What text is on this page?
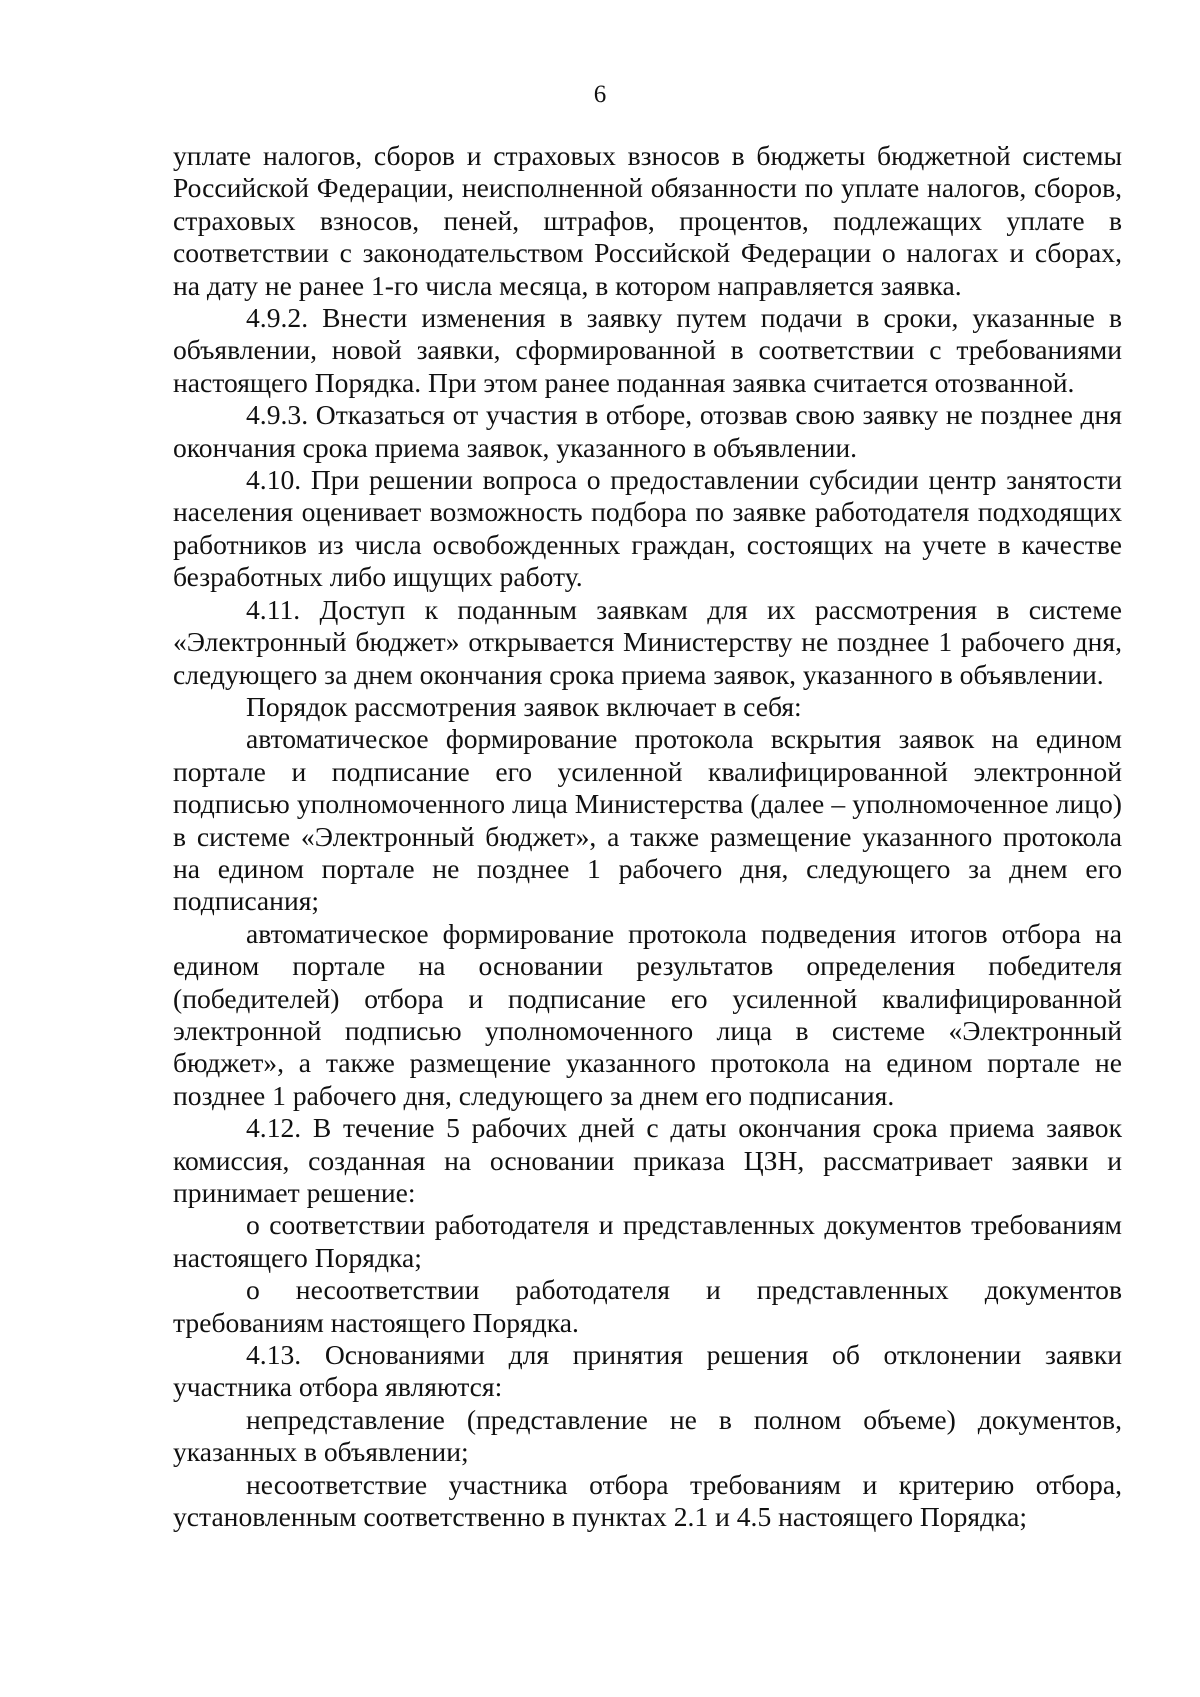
6

уплате налогов, сборов и страховых взносов в бюджеты бюджетной системы Российской Федерации, неисполненной обязанности по уплате налогов, сборов, страховых взносов, пеней, штрафов, процентов, подлежащих уплате в соответствии с законодательством Российской Федерации о налогах и сборах, на дату не ранее 1-го числа месяца, в котором направляется заявка.

4.9.2. Внести изменения в заявку путем подачи в сроки, указанные в объявлении, новой заявки, сформированной в соответствии с требованиями настоящего Порядка. При этом ранее поданная заявка считается отозванной.

4.9.3. Отказаться от участия в отборе, отозвав свою заявку не позднее дня окончания срока приема заявок, указанного в объявлении.

4.10. При решении вопроса о предоставлении субсидии центр занятости населения оценивает возможность подбора по заявке работодателя подходящих работников из числа освобожденных граждан, состоящих на учете в качестве безработных либо ищущих работу.

4.11. Доступ к поданным заявкам для их рассмотрения в системе «Электронный бюджет» открывается Министерству не позднее 1 рабочего дня, следующего за днем окончания срока приема заявок, указанного в объявлении.

Порядок рассмотрения заявок включает в себя:

автоматическое формирование протокола вскрытия заявок на едином портале и подписание его усиленной квалифицированной электронной подписью уполномоченного лица Министерства (далее – уполномоченное лицо) в системе «Электронный бюджет», а также размещение указанного протокола на едином портале не позднее 1 рабочего дня, следующего за днем его подписания;

автоматическое формирование протокола подведения итогов отбора на едином портале на основании результатов определения победителя (победителей) отбора и подписание его усиленной квалифицированной электронной подписью уполномоченного лица в системе «Электронный бюджет», а также размещение указанного протокола на едином портале не позднее 1 рабочего дня, следующего за днем его подписания.

4.12. В течение 5 рабочих дней с даты окончания срока приема заявок комиссия, созданная на основании приказа ЦЗН, рассматривает заявки и принимает решение:

о соответствии работодателя и представленных документов требованиям настоящего Порядка;

о несоответствии работодателя и представленных документов требованиям настоящего Порядка.

4.13. Основаниями для принятия решения об отклонении заявки участника отбора являются:

непредставление (представление не в полном объеме) документов, указанных в объявлении;

несоответствие участника отбора требованиям и критерию отбора, установленным соответственно в пунктах 2.1 и 4.5 настоящего Порядка;
